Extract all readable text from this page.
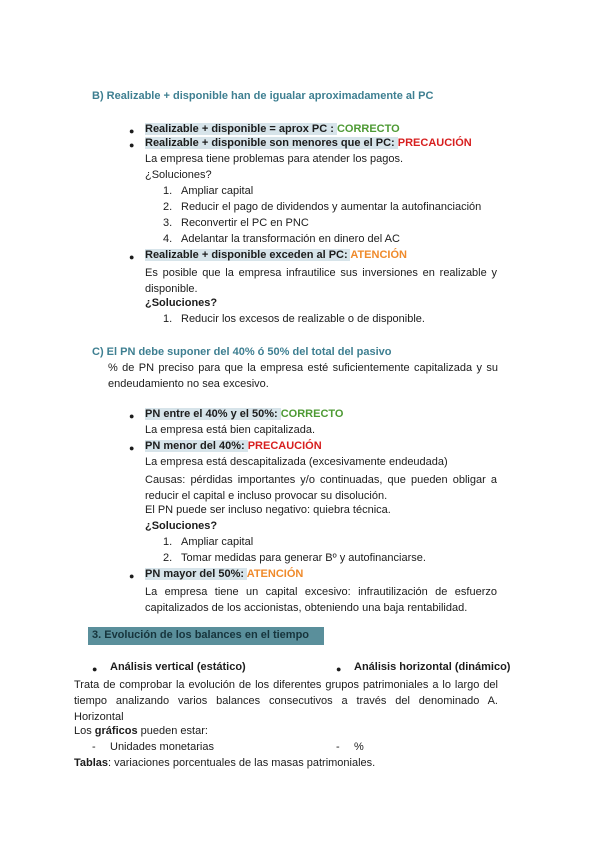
B) Realizable + disponible han de igualar aproximadamente al PC
● Realizable + disponible = aprox PC : CORRECTO
● Realizable + disponible son menores que el PC: PRECAUCIÓN
La empresa tiene problemas para atender los pagos.
¿Soluciones?
1. Ampliar capital
2. Reducir el pago de dividendos y aumentar la autofinanciación
3. Reconvertir el PC en PNC
4. Adelantar la transformación en dinero del AC
● Realizable + disponible exceden al PC: ATENCIÓN
Es posible que la empresa infrautilice sus inversiones en realizable y disponible.
¿Soluciones?
1. Reducir los excesos de realizable o de disponible.
C) El PN debe suponer del 40% ó 50% del total del pasivo
% de PN preciso para que la empresa esté suficientemente capitalizada y su endeudamiento no sea excesivo.
● PN entre el 40% y el 50%: CORRECTO
La empresa está bien capitalizada.
● PN menor del 40%: PRECAUCIÓN
La empresa está descapitalizada (excesivamente endeudada)
Causas: pérdidas importantes y/o continuadas, que pueden obligar a reducir el capital e incluso provocar su disolución.
El PN puede ser incluso negativo: quiebra técnica.
¿Soluciones?
1. Ampliar capital
2. Tomar medidas para generar Bº y autofinanciarse.
● PN mayor del 50%: ATENCIÓN
La empresa tiene un capital excesivo: infrautilización de esfuerzo capitalizados de los accionistas, obteniendo una baja rentabilidad.
3. Evolución de los balances en el tiempo
● Análisis vertical (estático)	● Análisis horizontal (dinámico)
Trata de comprobar la evolución de los diferentes grupos patrimoniales a lo largo del tiempo analizando varios balances consecutivos a través del denominado A. Horizontal
Los gráficos pueden estar:
- Unidades monetarias	- %
Tablas: variaciones porcentuales de las masas patrimoniales.
